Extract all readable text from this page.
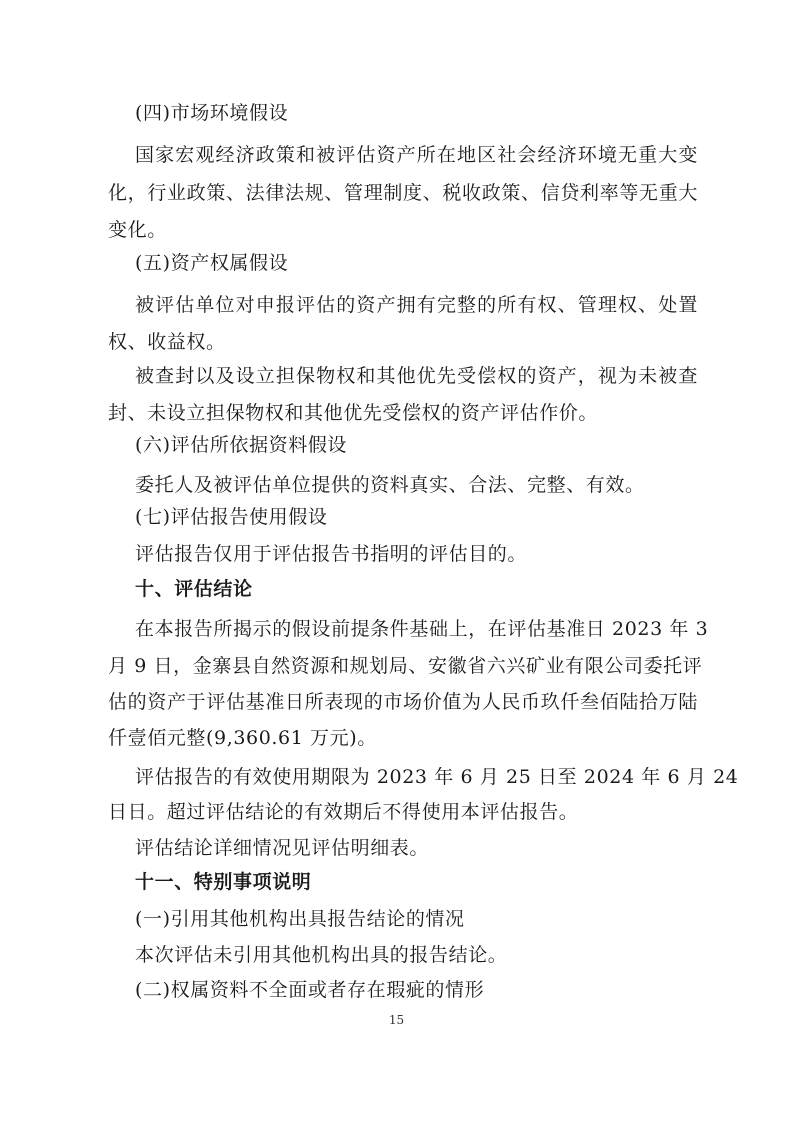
(四)市场环境假设
国家宏观经济政策和被评估资产所在地区社会经济环境无重大变
化，行业政策、法律法规、管理制度、税收政策、信贷利率等无重大
变化。
(五)资产权属假设
被评估单位对申报评估的资产拥有完整的所有权、管理权、处置
权、收益权。
被查封以及设立担保物权和其他优先受偿权的资产，视为未被查
封、未设立担保物权和其他优先受偿权的资产评估作价。
(六)评估所依据资料假设
委托人及被评估单位提供的资料真实、合法、完整、有效。
(七)评估报告使用假设
评估报告仅用于评估报告书指明的评估目的。
十、评估结论
在本报告所揭示的假设前提条件基础上，在评估基准日 2023 年 3
月 9 日，金寨县自然资源和规划局、安徽省六兴矿业有限公司委托评
估的资产于评估基准日所表现的市场价值为人民币玖仟叁佰陆拾万陆
仟壹佰元整(9,360.61 万元)。
评估报告的有效使用期限为 2023 年 6 月 25 日至 2024 年 6 月 24
日日。超过评估结论的有效期后不得使用本评估报告。
评估结论详细情况见评估明细表。
十一、特别事项说明
(一)引用其他机构出具报告结论的情况
本次评估未引用其他机构出具的报告结论。
(二)权属资料不全面或者存在瑕疵的情形
15
